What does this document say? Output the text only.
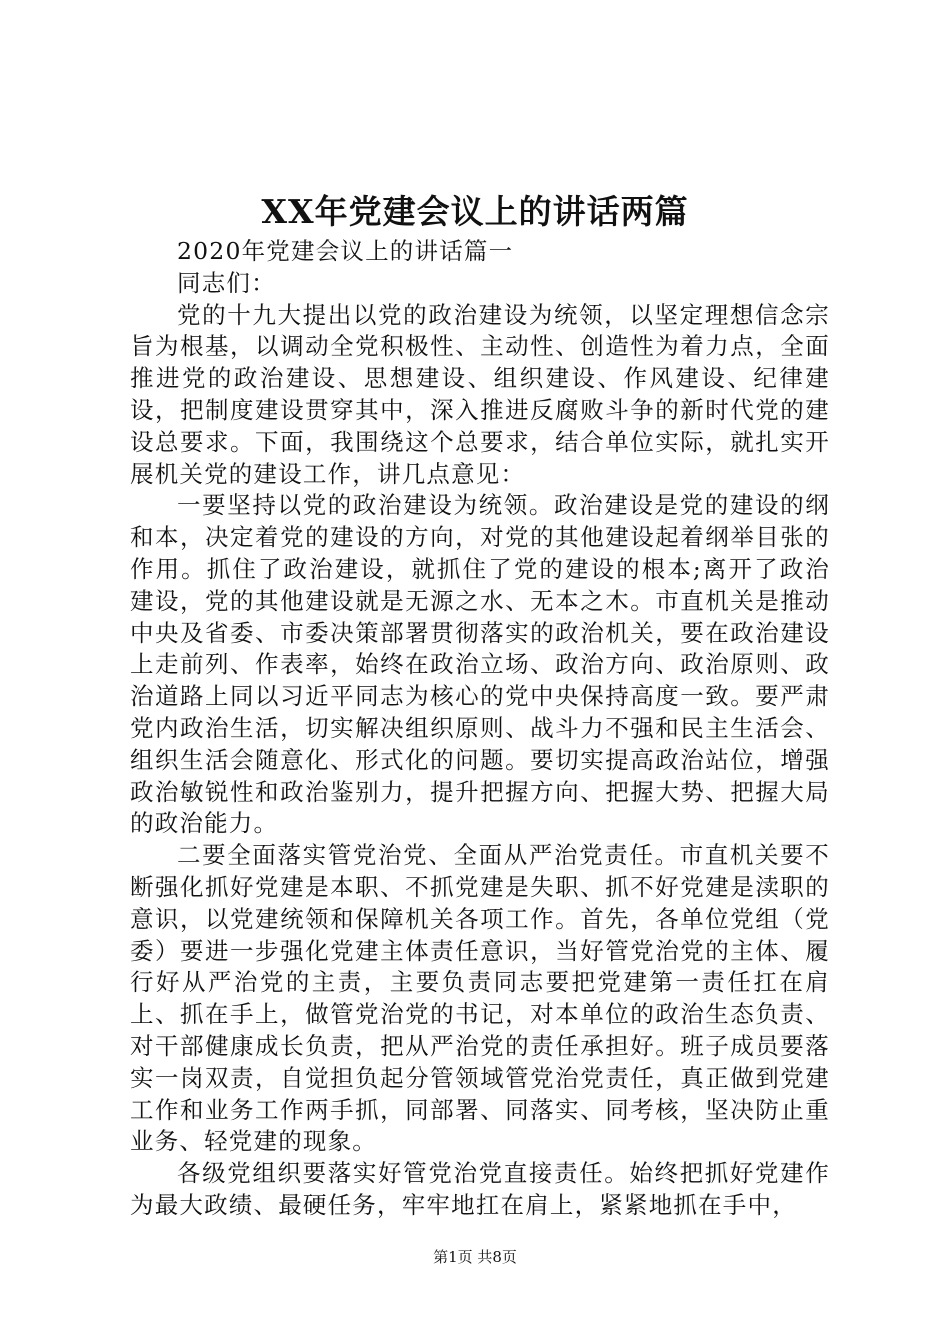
XX年党建会议上的讲话两篇

2020年党建会议上的讲话篇一

同志们：

党的十九大提出以党的政治建设为统领，以坚定理想信念宗旨为根基，以调动全党积极性、主动性、创造性为着力点，全面推进党的政治建设、思想建设、组织建设、作风建设、纪律建设，把制度建设贯穿其中，深入推进反腐败斗争的新时代党的建设总要求。下面，我围绕这个总要求，结合单位实际，就扎实开展机关党的建设工作，讲几点意见：

一要坚持以党的政治建设为统领。政治建设是党的建设的纲和本，决定着党的建设的方向，对党的其他建设起着纲举目张的作用。抓住了政治建设，就抓住了党的建设的根本;离开了政治建设，党的其他建设就是无源之水、无本之木。市直机关是推动中央及省委、市委决策部署贯彻落实的政治机关，要在政治建设上走前列、作表率，始终在政治立场、政治方向、政治原则、政治道路上同以习近平同志为核心的党中央保持高度一致。要严肃党内政治生活，切实解决组织原则、战斗力不强和民主生活会、组织生活会随意化、形式化的问题。要切实提高政治站位，增强政治敏锐性和政治鉴别力，提升把握方向、把握大势、把握大局的政治能力。

二要全面落实管党治党、全面从严治党责任。市直机关要不断强化抓好党建是本职、不抓党建是失职、抓不好党建是渎职的意识，以党建统领和保障机关各项工作。首先，各单位党组（党委）要进一步强化党建主体责任意识，当好管党治党的主体、履行好从严治党的主责，主要负责同志要把党建第一责任扛在肩上、抓在手上，做管党治党的书记，对本单位的政治生态负责、对干部健康成长负责，把从严治党的责任承担好。班子成员要落实一岗双责，自觉担负起分管领域管党治党责任，真正做到党建工作和业务工作两手抓，同部署、同落实、同考核，坚决防止重业务、轻党建的现象。

各级党组织要落实好管党治党直接责任。始终把抓好党建作为最大政绩、最硬任务，牢牢地扛在肩上，紧紧地抓在手中，

第1页 共8页
